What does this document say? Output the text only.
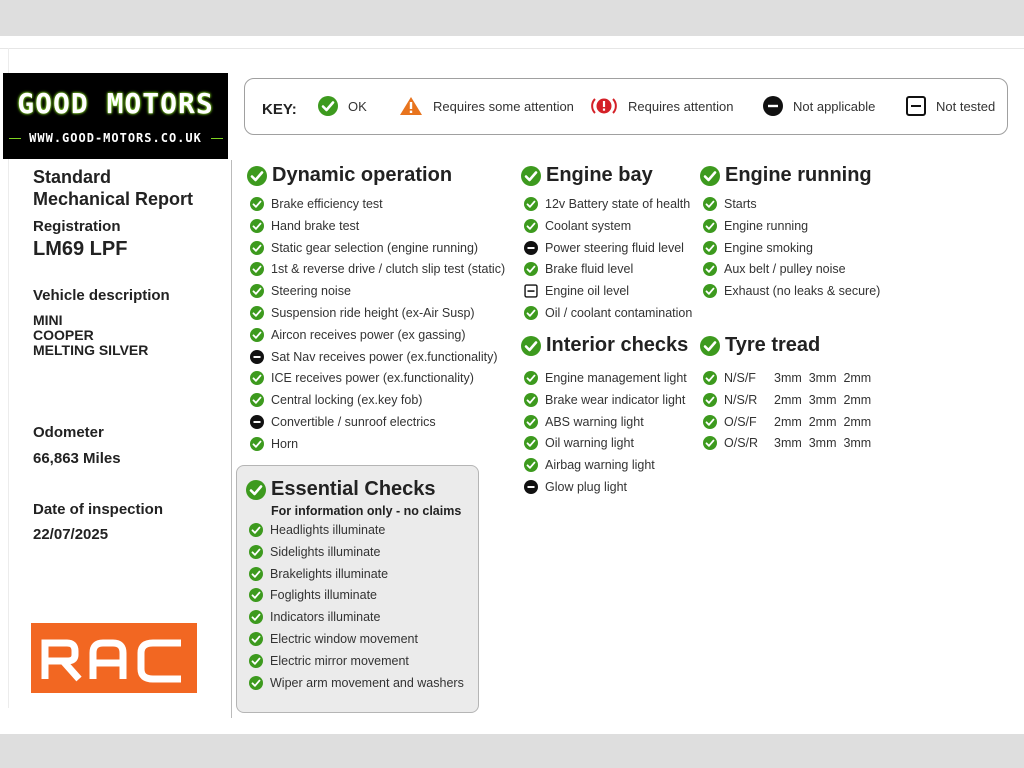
GOOD MOTORS
WWW.GOOD-MOTORS.CO.UK
Standard
Mechanical Report
Registration
LM69 LPF
Vehicle description
MINI
COOPER
MELTING SILVER
Odometer
66,863 Miles
Date of inspection
22/07/2025
KEY:	OK	Requires some attention	Requires attention	Not applicable	Not tested
Dynamic operation
Brake efficiency test
Hand brake test
Static gear selection (engine running)
1st & reverse drive / clutch slip test (static)
Steering noise
Suspension ride height (ex-Air Susp)
Aircon receives power (ex gassing)
Sat Nav receives power (ex.functionality)
ICE receives power (ex.functionality)
Central locking (ex.key fob)
Convertible / sunroof electrics
Horn
Engine bay
12v Battery state of health
Coolant system
Power steering fluid level
Brake fluid level
Engine oil level
Oil / coolant contamination
Engine running
Starts
Engine running
Engine smoking
Aux belt / pulley noise
Exhaust (no leaks & secure)
Interior checks
Engine management light
Brake wear indicator light
ABS warning light
Oil warning light
Airbag warning light
Glow plug light
Tyre tread
N/S/F 3mm  3mm  2mm
N/S/R 2mm  3mm  2mm
O/S/F 2mm  2mm  2mm
O/S/R 3mm  3mm  3mm
Essential Checks
Headlights illuminate
Sidelights illuminate
Brakelights illuminate
Foglights illuminate
Indicators illuminate
Electric window movement
Electric mirror movement
Wiper arm movement and washers
For information only - no claims
